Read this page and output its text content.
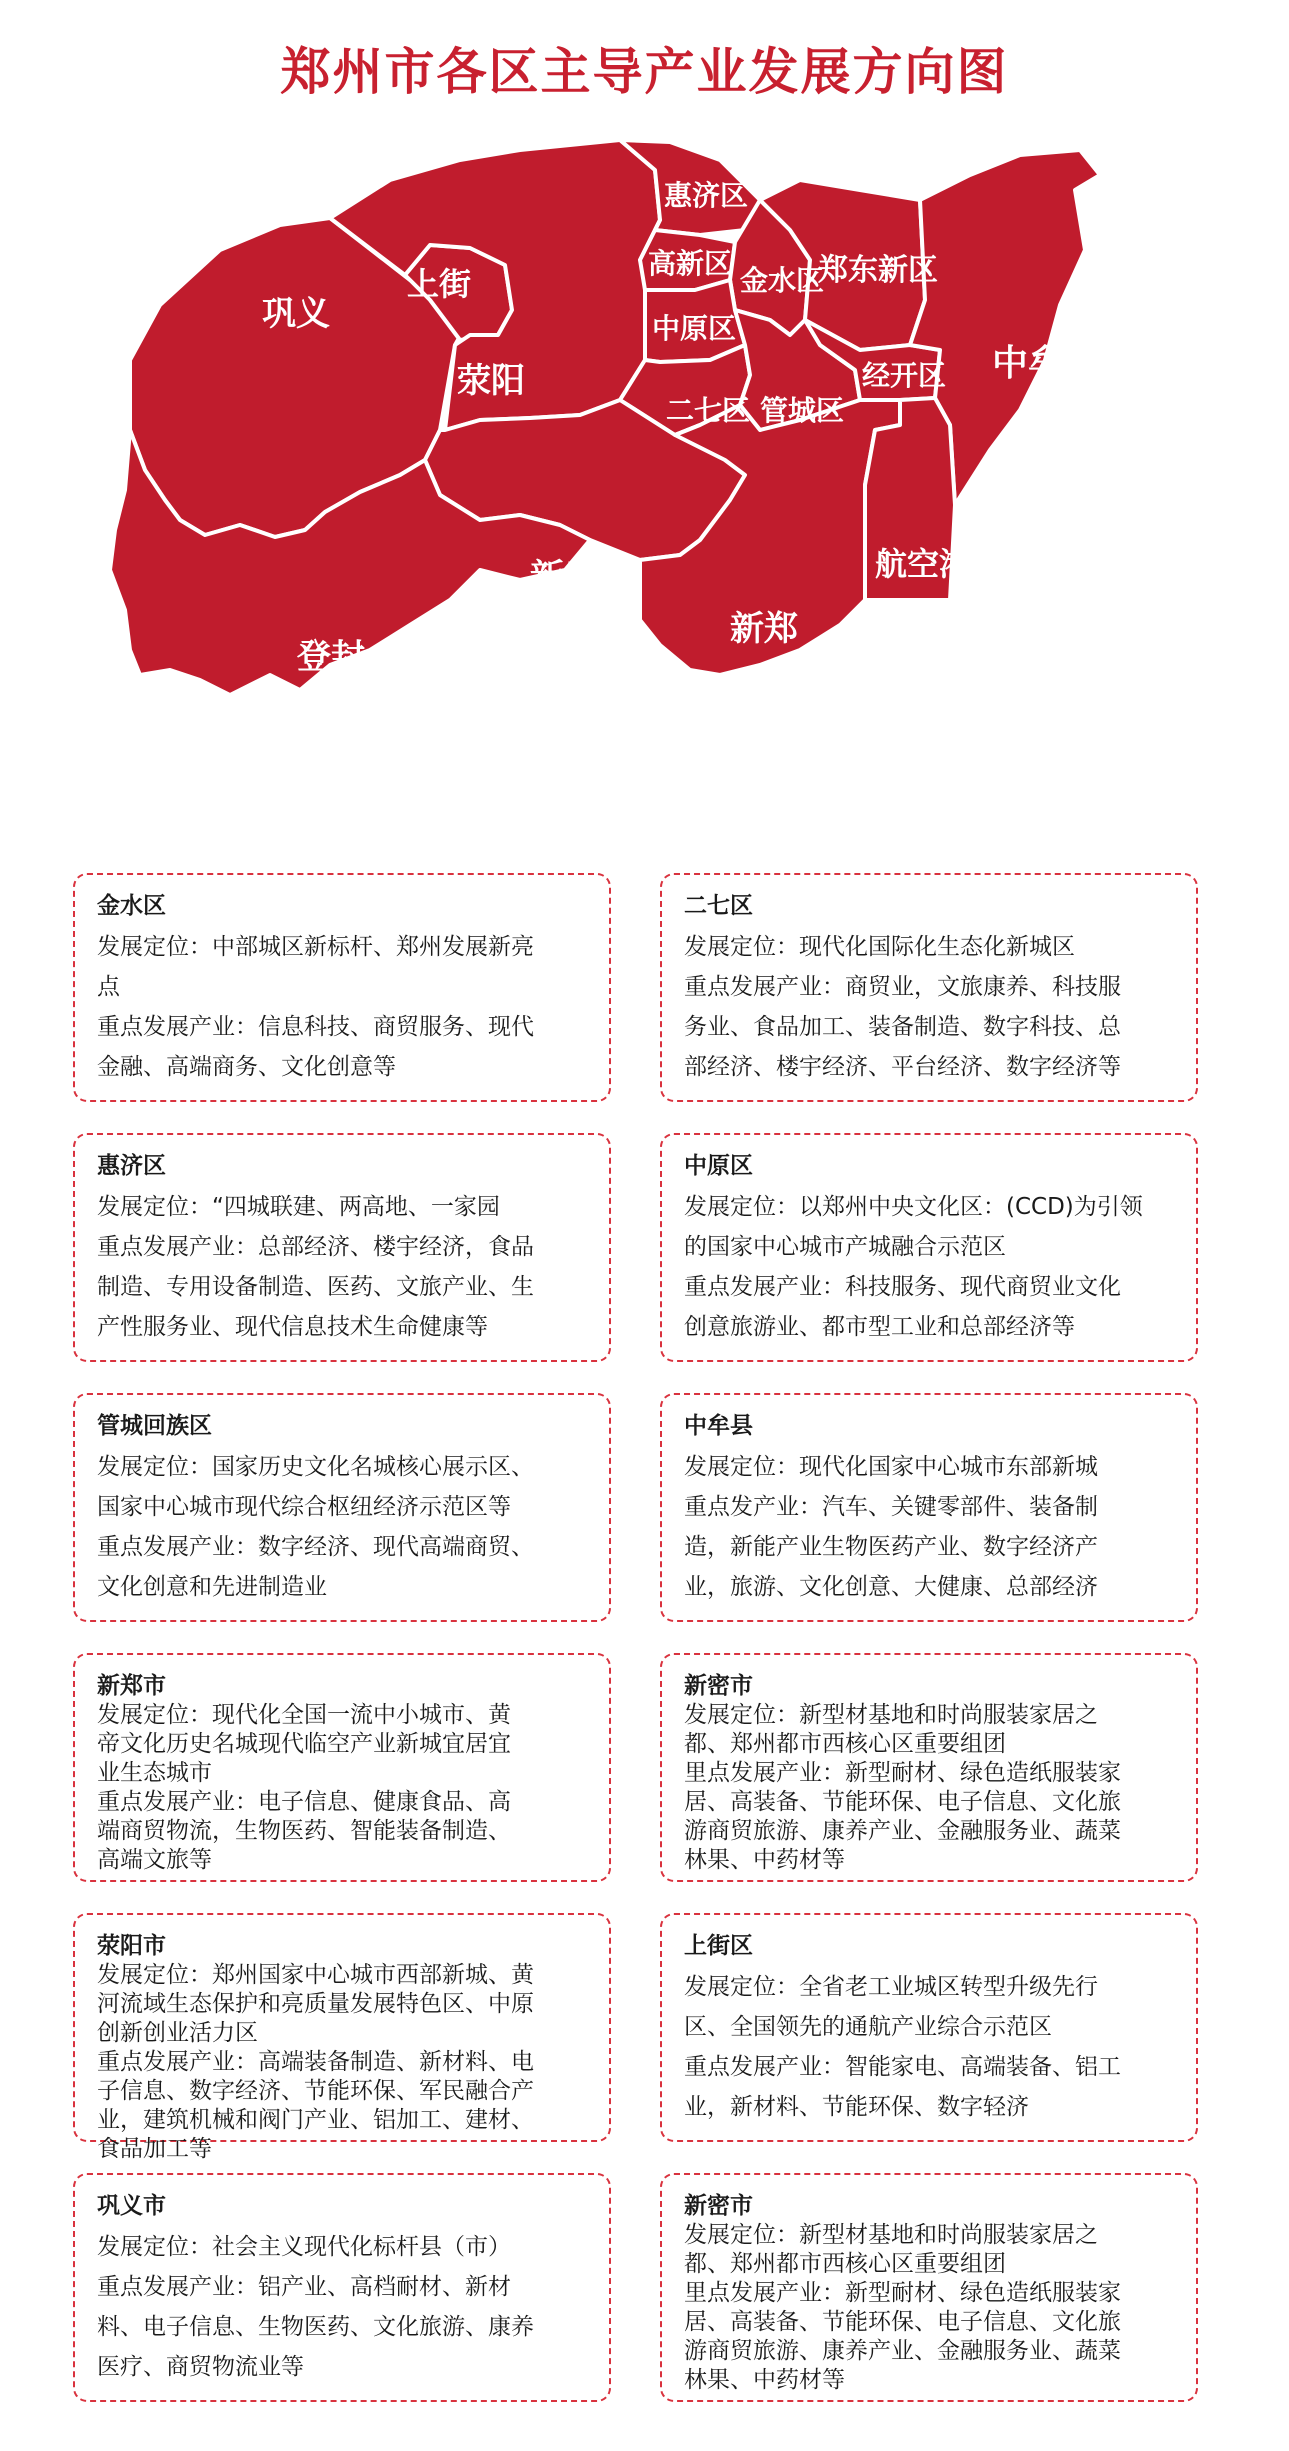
郑州市各区主导产业发展方向图
巩义
上街
荥阳
惠济区
高新区
金水区
郑东新区
中原区
二七区 管城区
经开区 中牟
新密
登封
新郑
航空港区

金水区

发展定位：中部城区新标杆、郑州发展新亮

点

重点发展产业：信息科技、商贸服务、现代

金融、高端商务、文化创意等

二七区

发展定位：现代化国际化生态化新城区

重点发展产业：商贸业，文旅康养、科技服

务业、食品加工、装备制造、数字科技、总

部经济、楼宇经济、平台经济、数字经济等

惠济区

发展定位：“四城联建、两高地、一家园

重点发展产业：总部经济、楼宇经济，食品

制造、专用设备制造、医药、文旅产业、生

产性服务业、现代信息技术生命健康等

中原区

发展定位：以郑州中央文化区：(CCD)为引领

的国家中心城市产城融合示范区

重点发展产业：科技服务、现代商贸业文化

创意旅游业、都市型工业和总部经济等

管城回族区

发展定位：国家历史文化名城核心展示区、

国家中心城市现代综合枢纽经济示范区等

重点发展产业：数字经济、现代高端商贸、

文化创意和先进制造业

中牟县

发展定位：现代化国家中心城市东部新城

重点发产业：汽车、关键零部件、装备制

造，新能产业生物医药产业、数字经济产

业，旅游、文化创意、大健康、总部经济

新郑市

发展定位：现代化全国一流中小城市、黄

帝文化历史名城现代临空产业新城宜居宜

业生态城市

重点发展产业：电子信息、健康食品、高

端商贸物流，生物医药、智能装备制造、

高端文旅等

新密市

发展定位：新型材基地和时尚服装家居之

都、郑州都市西核心区重要组团

里点发展产业：新型耐材、绿色造纸服装家

居、高装备、节能环保、电子信息、文化旅

游商贸旅游、康养产业、金融服务业、蔬菜

林果、中药材等

荥阳市

发展定位：郑州国家中心城市西部新城、黄

河流域生态保护和亮质量发展特色区、中原

创新创业活力区

重点发展产业：高端装备制造、新材料、电

子信息、数字经济、节能环保、军民融合产

业，建筑机械和阀门产业、铝加工、建材、

食品加工等

上街区

发展定位：全省老工业城区转型升级先行

区、全国领先的通航产业综合示范区

重点发展产业：智能家电、高端装备、铝工

业，新材料、节能环保、数字轻济

巩义市

发展定位：社会主义现代化标杆县（市）

重点发展产业：铝产业、高档耐材、新材

料、电子信息、生物医药、文化旅游、康养

医疗、商贸物流业等

新密市

发展定位：新型材基地和时尚服装家居之

都、郑州都市西核心区重要组团

里点发展产业：新型耐材、绿色造纸服装家

居、高装备、节能环保、电子信息、文化旅

游商贸旅游、康养产业、金融服务业、蔬菜

林果、中药材等
